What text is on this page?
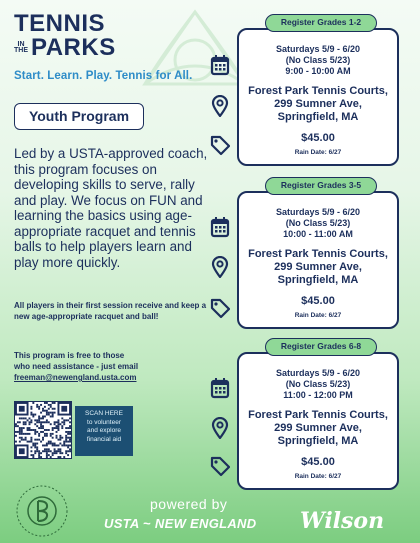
TENNIS
IN
THE PARKS
Start. Learn. Play. Tennis for All.
Youth Program
Led by a USTA-approved coach, this program focuses on developing skills to serve, rally and play. We focus on FUN and learning the basics using age-appropriate racquet and tennis balls to help players learn and play more quickly.
All players in their first session receive and keep a new age-appropriate racquet and ball!
This program is free to those
who need assistance - just email
freeman@newengland.usta.com
SCAN HERE
to volunteer
and explore
financial aid
Saturdays 5/9 - 6/20
(No Class 5/23)
9:00 - 10:00 AM
Forest Park Tennis Courts,
299 Sumner Ave,
Springfield, MA
$45.00
Rain Date: 6/27
Register Grades 1-2
Saturdays 5/9 - 6/20
(No Class 5/23)
10:00 - 11:00 AM
Forest Park Tennis Courts,
299 Sumner Ave,
Springfield, MA
$45.00
Rain Date: 6/27
Register Grades 3-5
Saturdays 5/9 - 6/20
(No Class 5/23)
11:00 - 12:00 PM
Forest Park Tennis Courts,
299 Sumner Ave,
Springfield, MA
$45.00
Rain Date: 6/27
Register Grades 6-8
powered by
USTA ~ NEW ENGLAND Wilson
